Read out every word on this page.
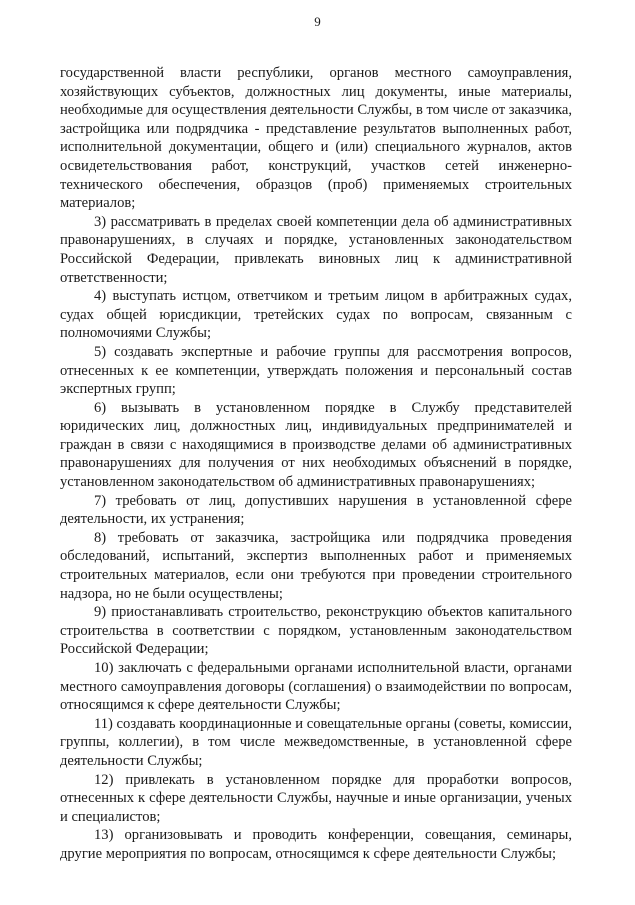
9

государственной власти республики, органов местного самоуправления, хозяйствующих субъектов, должностных лиц документы, иные материалы, необходимые для осуществления деятельности Службы, в том числе от заказчика, застройщика или подрядчика - представление результатов выполненных работ, исполнительной документации, общего и (или) специального журналов, актов освидетельствования работ, конструкций, участков сетей инженерно-технического обеспечения, образцов (проб) применяемых строительных материалов;

3) рассматривать в пределах своей компетенции дела об административных правонарушениях, в случаях и порядке, установленных законодательством Российской Федерации, привлекать виновных лиц к административной ответственности;

4) выступать истцом, ответчиком и третьим лицом в арбитражных судах, судах общей юрисдикции, третейских судах по вопросам, связанным с полномочиями Службы;

5) создавать экспертные и рабочие группы для рассмотрения вопросов, отнесенных к ее компетенции, утверждать положения и персональный состав экспертных групп;

6) вызывать в установленном порядке в Службу представителей юридических лиц, должностных лиц, индивидуальных предпринимателей и граждан в связи с находящимися в производстве делами об административных правонарушениях для получения от них необходимых объяснений в порядке, установленном законодательством об административных правонарушениях;

7) требовать от лиц, допустивших нарушения в установленной сфере деятельности, их устранения;

8) требовать от заказчика, застройщика или подрядчика проведения обследований, испытаний, экспертиз выполненных работ и применяемых строительных материалов, если они требуются при проведении строительного надзора, но не были осуществлены;

9) приостанавливать строительство, реконструкцию объектов капитального строительства в соответствии с порядком, установленным законодательством Российской Федерации;

10) заключать с федеральными органами исполнительной власти, органами местного самоуправления договоры (соглашения) о взаимодействии по вопросам, относящимся к сфере деятельности Службы;

11) создавать координационные и совещательные органы (советы, комиссии, группы, коллегии), в том числе межведомственные, в установленной сфере деятельности Службы;

12) привлекать в установленном порядке для проработки вопросов, отнесенных к сфере деятельности Службы, научные и иные организации, ученых и специалистов;

13) организовывать и проводить конференции, совещания, семинары, другие мероприятия по вопросам, относящимся к сфере деятельности Службы;
